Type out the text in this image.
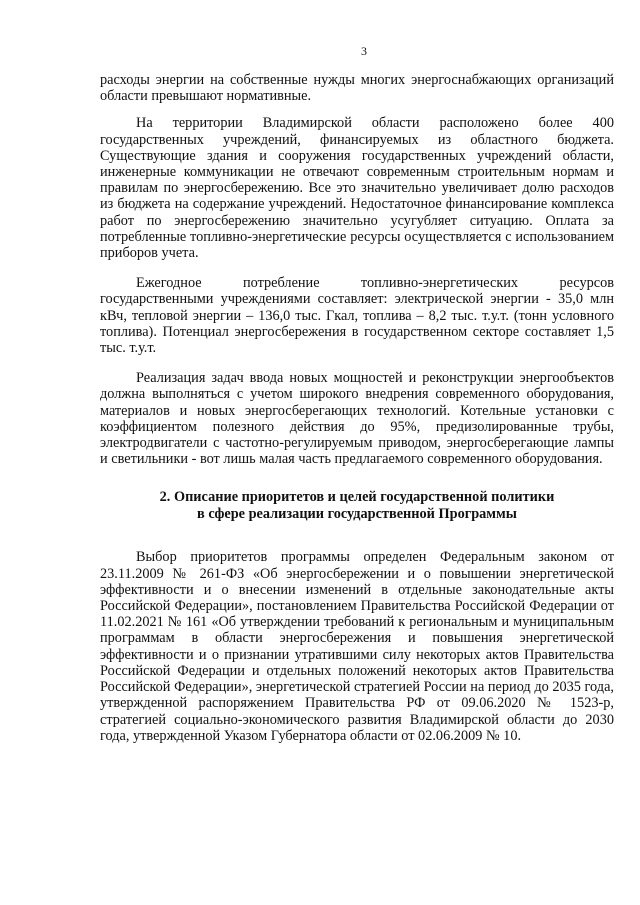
3

расходы энергии на собственные нужды многих энергоснабжающих организаций области превышают нормативные.

На территории Владимирской области расположено более 400 государственных учреждений, финансируемых из областного бюджета. Существующие здания и сооружения государственных учреждений области, инженерные коммуникации не отвечают современным строительным нормам и правилам по энергосбережению. Все это значительно увеличивает долю расходов из бюджета на содержание учреждений. Недостаточное финансирование комплекса работ по энергосбережению значительно усугубляет ситуацию. Оплата за потребленные топливно-энергетические ресурсы осуществляется с использованием приборов учета.

Ежегодное потребление топливно-энергетических ресурсов государственными учреждениями составляет: электрической энергии - 35,0 млн кВч, тепловой энергии – 136,0 тыс. Гкал, топлива – 8,2 тыс. т.у.т. (тонн условного топлива). Потенциал энергосбережения в государственном секторе составляет 1,5 тыс. т.у.т.

Реализация задач ввода новых мощностей и реконструкции энергообъектов должна выполняться с учетом широкого внедрения современного оборудования, материалов и новых энергосберегающих технологий. Котельные установки с коэффициентом полезного действия до 95%, предизолированные трубы, электродвигатели с частотно-регулируемым приводом, энергосберегающие лампы и светильники - вот лишь малая часть предлагаемого современного оборудования.

2. Описание приоритетов и целей государственной политики

в сфере реализации государственной Программы

Выбор приоритетов программы определен Федеральным законом от 23.11.2009 № 261-ФЗ «Об энергосбережении и о повышении энергетической эффективности и о внесении изменений в отдельные законодательные акты Российской Федерации», постановлением Правительства Российской Федерации от 11.02.2021 № 161 «Об утверждении требований к региональным и муниципальным программам в области энергосбережения и повышения энергетической эффективности и о признании утратившими силу некоторых актов Правительства Российской Федерации и отдельных положений некоторых актов Правительства Российской Федерации», энергетической стратегией России на период до 2035 года, утвержденной распоряжением Правительства РФ от 09.06.2020 № 1523-р, стратегией социально-экономического развития Владимирской области до 2030 года, утвержденной Указом Губернатора области от 02.06.2009 № 10.
